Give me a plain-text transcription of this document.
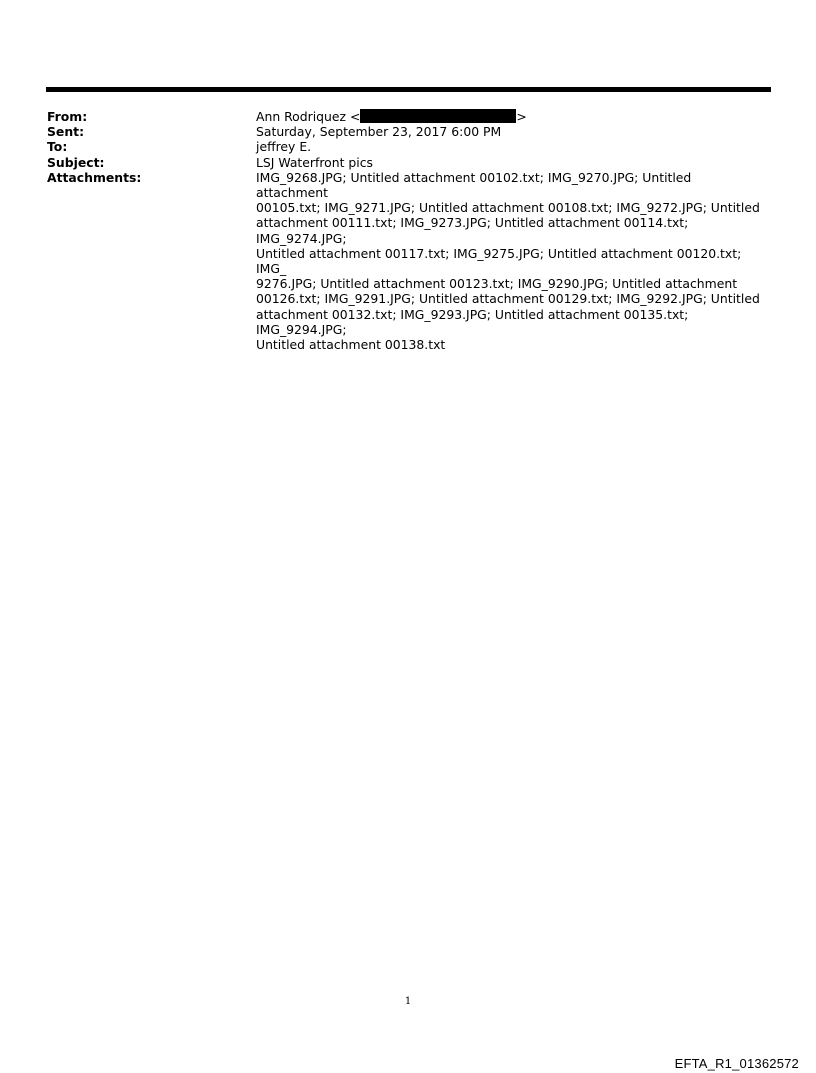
From:	Ann Rodriquez <	>
Sent:	Saturday, September 23, 2017 6:00 PM
To:	jeffrey E.
Subject:	LSJ Waterfront pics
Attachments:	IMG_9268.JPG; Untitled attachment 00102.txt; IMG_9270.JPG; Untitled attachment
00105.txt; IMG_9271.JPG; Untitled attachment 00108.txt; IMG_9272.JPG; Untitled
attachment 00111.txt; IMG_9273.JPG; Untitled attachment 00114.txt; IMG_9274.JPG;
Untitled attachment 00117.txt; IMG_9275.JPG; Untitled attachment 00120.txt; IMG_
9276.JPG; Untitled attachment 00123.txt; IMG_9290.JPG; Untitled attachment
00126.txt; IMG_9291.JPG; Untitled attachment 00129.txt; IMG_9292.JPG; Untitled
attachment 00132.txt; IMG_9293.JPG; Untitled attachment 00135.txt; IMG_9294.JPG;
Untitled attachment 00138.txt
1
EFTA_R1_01362572
